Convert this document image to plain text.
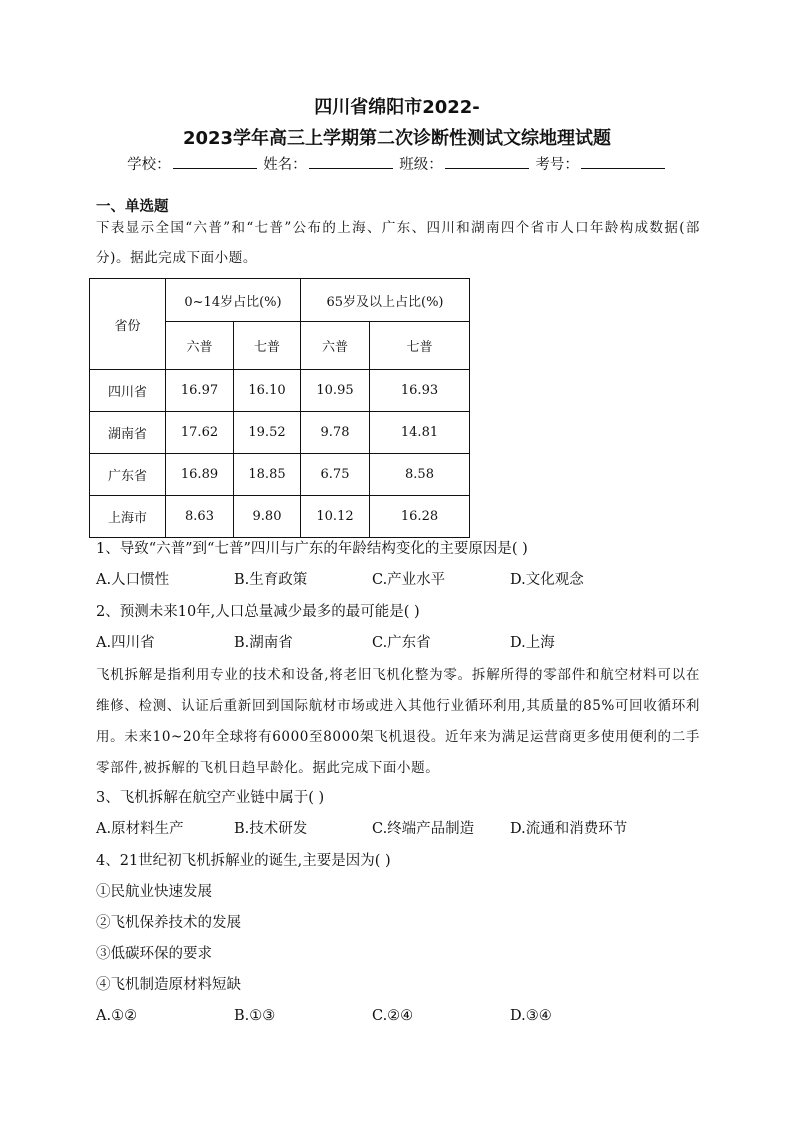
四川省绵阳市2022-
2023学年高三上学期第二次诊断性测试文综地理试题
学校：	姓名：	班级：	考号：
一、单选题

下表显示全国“六普”和“七普”公布的上海、广东、四川和湖南四个省市人口年龄构成数据(部分)。据此完成下面小题。

省份	0~14岁占比(%)		65岁及以上占比(%)	
	六普	七普	六普	七普
四川省	16.97	16.10	10.95	16.93
湖南省	17.62	19.52	9.78	14.81
广东省	16.89	18.85	6.75	8.58
上海市	8.63	9.80	10.12	16.28
1、导致“六普”到“七普”四川与广东的年龄结构变化的主要原因是( )
A.人口惯性	B.生育政策	C.产业水平	D.文化观念
2、预测未来10年,人口总量减少最多的最可能是( )
A.四川省	B.湖南省	C.广东省	D.上海

飞机拆解是指利用专业的技术和设备,将老旧飞机化整为零。拆解所得的零部件和航空材料可以在维修、检测、认证后重新回到国际航材市场或进入其他行业循环利用,其质量的85%可回收循环利用。未来10~20年全球将有6000至8000架飞机退役。近年来为满足运营商更多使用便利的二手零部件,被拆解的飞机日趋早龄化。据此完成下面小题。

3、飞机拆解在航空产业链中属于( )
A.原材料生产	B.技术研发	C.终端产品制造 D.流通和消费环节
4、21世纪初飞机拆解业的诞生,主要是因为( )
①民航业快速发展
②飞机保养技术的发展
③低碳环保的要求
④飞机制造原材料短缺
A.①②	B.①③	C.②④	D.③④
